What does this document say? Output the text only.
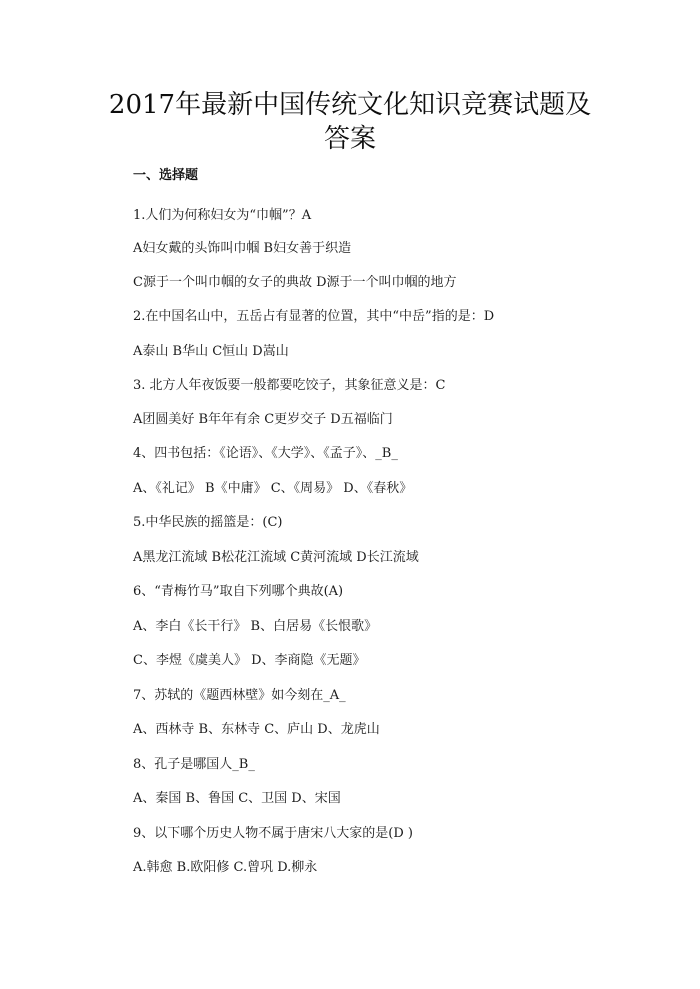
2017年最新中国传统文化知识竞赛试题及
答案
一、选择题
1.人们为何称妇女为“巾帼”？A
A妇女戴的头饰叫巾帼 B妇女善于织造
C源于一个叫巾帼的女子的典故 D源于一个叫巾帼的地方
2.在中国名山中，五岳占有显著的位置，其中“中岳”指的是：D
A泰山 B华山 C恒山 D嵩山
3. 北方人年夜饭要一般都要吃饺子，其象征意义是：C
A团圆美好 B年年有余 C更岁交子 D五福临门
4、四书包括：《论语》、《大学》、《孟子》、_B_
A、《礼记》 B《中庸》 C、《周易》 D、《春秋》
5.中华民族的摇篮是：(C)
A黑龙江流域 B松花江流域 C黄河流域 D长江流域
6、“青梅竹马”取自下列哪个典故(A)
A、李白《长干行》 B、白居易《长恨歌》
C、李煜《虞美人》 D、李商隐《无题》
7、苏轼的《题西林壁》如今刻在_A_
A、西林寺 B、东林寺 C、庐山 D、龙虎山
8、孔子是哪国人_B_
A、秦国 B、鲁国 C、卫国 D、宋国
9、以下哪个历史人物不属于唐宋八大家的是(D )
A.韩愈 B.欧阳修 C.曾巩 D.柳永
